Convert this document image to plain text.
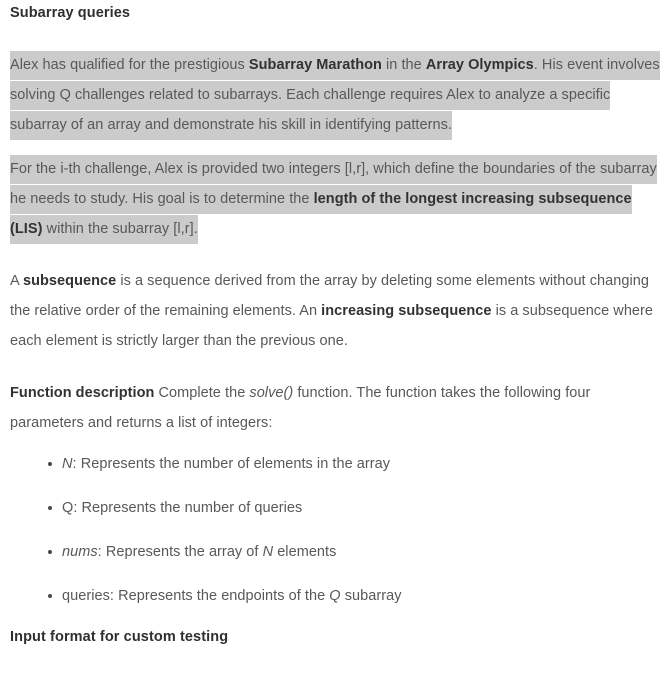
Subarray queries

Alex has qualified for the prestigious Subarray Marathon in the Array Olympics. His event involves solving Q challenges related to subarrays. Each challenge requires Alex to analyze a specific subarray of an array and demonstrate his skill in identifying patterns.

For the i-th challenge, Alex is provided two integers [l,r], which define the boundaries of the subarray he needs to study. His goal is to determine the length of the longest increasing subsequence (LIS) within the subarray [l,r].

A subsequence is a sequence derived from the array by deleting some elements without changing the relative order of the remaining elements. An increasing subsequence is a subsequence where each element is strictly larger than the previous one.

Function description Complete the solve() function. The function takes the following four parameters and returns a list of integers:

N: Represents the number of elements in the array
Q: Represents the number of queries
nums: Represents the array of N elements
queries: Represents the endpoints of the Q subarray
Input format for custom testing
